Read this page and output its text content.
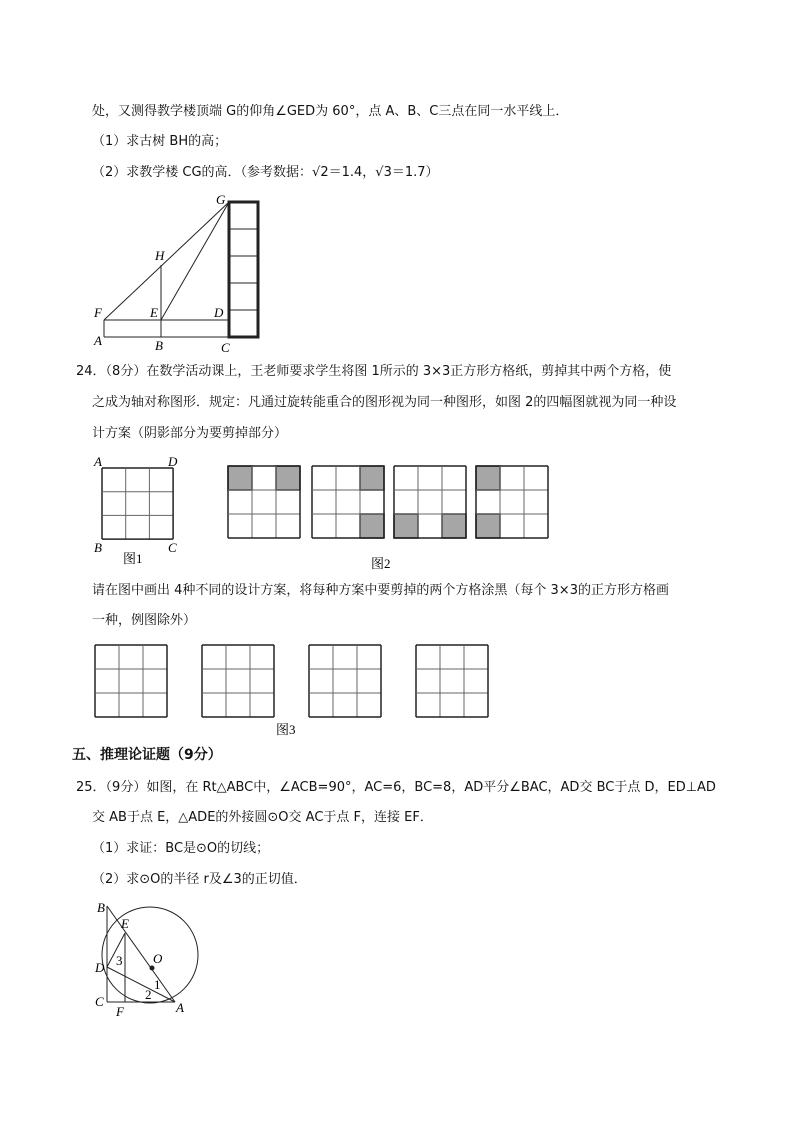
处，又测得教学楼顶端 G的仰角∠GED为 60°，点 A、B、C三点在同一水平线上．
（1）求古树 BH的高；
（2）求教学楼 CG的高．（参考数据：√2＝1.4，√3＝1.7）
G
H
F	E	D
A	B	C
A	D
B	C
图1	图2
图3
B
E
D
O
C
F	A
3
1
2
24．（8分）在数学活动课上，王老师要求学生将图 1所示的 3×3正方形方格纸，剪掉其中两个方格，使
之成为轴对称图形．规定：凡通过旋转能重合的图形视为同一种图形，如图 2的四幅图就视为同一种设
计方案（阴影部分为要剪掉部分）
请在图中画出 4种不同的设计方案，将每种方案中要剪掉的两个方格涂黑（每个 3×3的正方形方格画
一种，例图除外）
五、推理论证题（9分）
25．（9分）如图，在 Rt△ABC中，∠ACB=90°，AC=6，BC=8，AD平分∠BAC，AD交 BC于点 D，ED⊥AD
交 AB于点 E，△ADE的外接圆⊙O交 AC于点 F，连接 EF．
（1）求证：BC是⊙O的切线；
（2）求⊙O的半径 r及∠3的正切值．
